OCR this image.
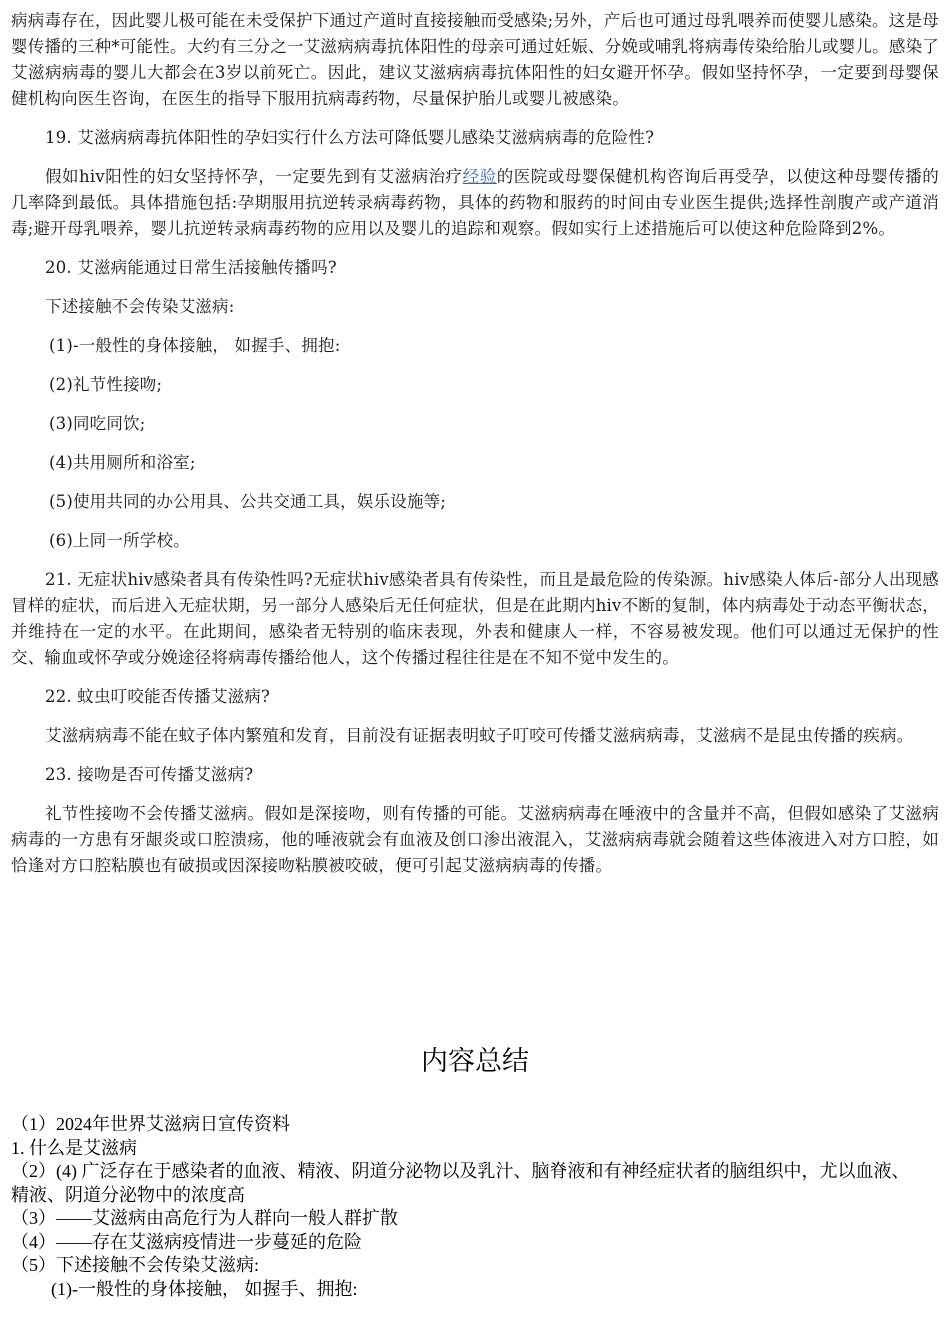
病病毒存在，因此婴儿极可能在未受保护下通过产道时直接接触而受感染;另外，产后也可通过母乳喂养而使婴儿感染。这是母婴传播的三种*可能性。大约有三分之一艾滋病病毒抗体阳性的母亲可通过妊娠、分娩或哺乳将病毒传染给胎儿或婴儿。感染了艾滋病病毒的婴儿大都会在3岁以前死亡。因此，建议艾滋病病毒抗体阳性的妇女避开怀孕。假如坚持怀孕，一定要到母婴保健机构向医生咨询，在医生的指导下服用抗病毒药物，尽量保护胎儿或婴儿被感染。

19. 艾滋病病毒抗体阳性的孕妇实行什么方法可降低婴儿感染艾滋病病毒的危险性?

假如hiv阳性的妇女坚持怀孕，一定要先到有艾滋病治疗经验的医院或母婴保健机构咨询后再受孕，以使这种母婴传播的几率降到最低。具体措施包括:孕期服用抗逆转录病毒药物，具体的药物和服药的时间由专业医生提供;选择性剖腹产或产道消毒;避开母乳喂养，婴儿抗逆转录病毒药物的应用以及婴儿的追踪和观察。假如实行上述措施后可以使这种危险降到2%。

20. 艾滋病能通过日常生活接触传播吗?

下述接触不会传染艾滋病:

(1)-一般性的身体接触， 如握手、拥抱:

(2)礼节性接吻;

(3)同吃同饮;

(4)共用厕所和浴室;

(5)使用共同的办公用具、公共交通工具，娱乐设施等;

(6)上同一所学校。

21. 无症状hiv感染者具有传染性吗?无症状hiv感染者具有传染性，而且是最危险的传染源。hiv感染人体后-部分人出现感冒样的症状，而后进入无症状期，另一部分人感染后无任何症状，但是在此期内hiv不断的复制，体内病毒处于动态平衡状态，并维持在一定的水平。在此期间，感染者无特别的临床表现，外表和健康人一样，不容易被发现。他们可以通过无保护的性交、输血或怀孕或分娩途径将病毒传播给他人，这个传播过程往往是在不知不觉中发生的。

22. 蚊虫叮咬能否传播艾滋病?

艾滋病病毒不能在蚊子体内繁殖和发育，目前没有证据表明蚊子叮咬可传播艾滋病病毒，艾滋病不是昆虫传播的疾病。

23. 接吻是否可传播艾滋病?

礼节性接吻不会传播艾滋病。假如是深接吻，则有传播的可能。艾滋病病毒在唾液中的含量并不高，但假如感染了艾滋病病毒的一方患有牙龈炎或口腔溃疡，他的唾液就会有血液及创口渗出液混入，艾滋病病毒就会随着这些体液进入对方口腔，如恰逢对方口腔粘膜也有破损或因深接吻粘膜被咬破，便可引起艾滋病病毒的传播。

内容总结
（1）2024年世界艾滋病日宣传资料
1. 什么是艾滋病
（2）(4) 广泛存在于感染者的血液、精液、阴道分泌物以及乳汁、脑脊液和有神经症状者的脑组织中，尤以血液、精液、阴道分泌物中的浓度高
（3）——艾滋病由高危行为人群向一般人群扩散
（4）——存在艾滋病疫情进一步蔓延的危险
（5）下述接触不会传染艾滋病:
(1)-一般性的身体接触， 如握手、拥抱:
